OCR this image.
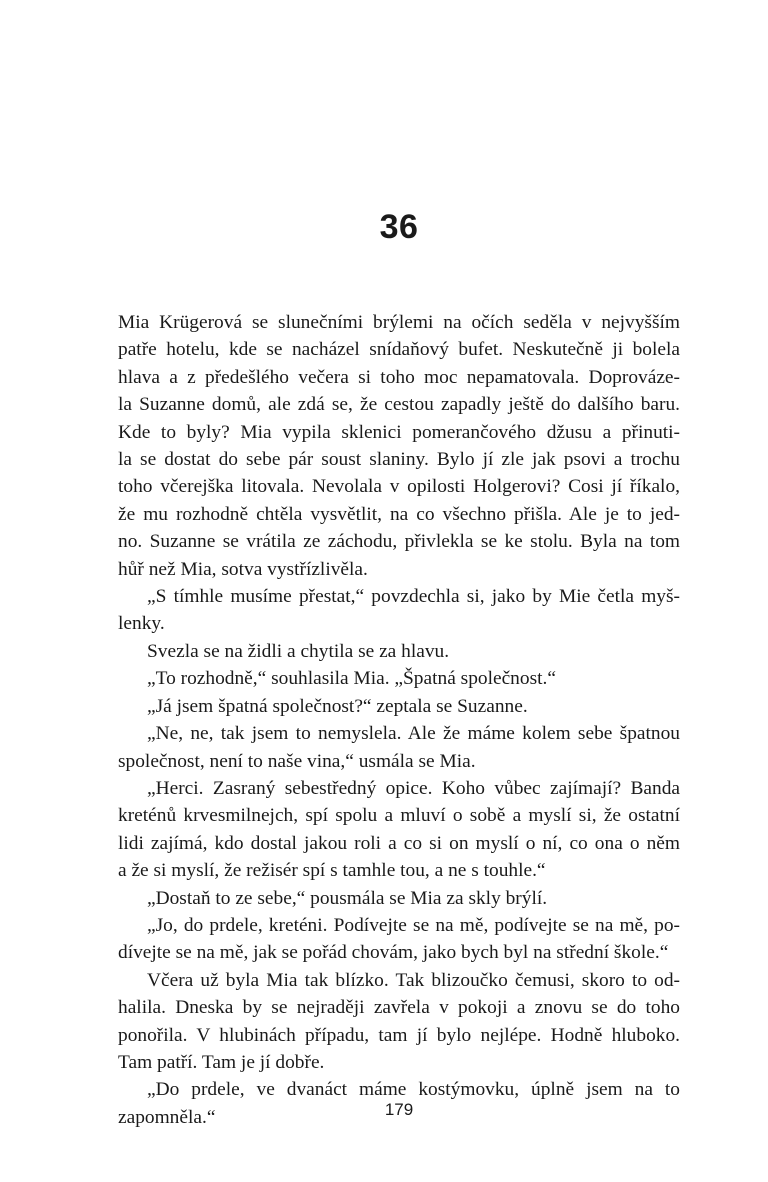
36
Mia Krügerová se slunečními brýlemi na očích seděla v nejvyšším
patře hotelu, kde se nacházel snídaňový bufet. Neskutečně ji bolela
hlava a z předešlého večera si toho moc nepamatovala. Doprováze-
la Suzanne domů, ale zdá se, že cestou zapadly ještě do dalšího baru.
Kde to byly? Mia vypila sklenici pomerančového džusu a přinuti-
la se dostat do sebe pár soust slaniny. Bylo jí zle jak psovi a trochu
toho včerejška litovala. Nevolala v opilosti Holgerovi? Cosi jí říkalo,
že mu rozhodně chtěla vysvětlit, na co všechno přišla. Ale je to jed-
no. Suzanne se vrátila ze záchodu, přivlekla se ke stolu. Byla na tom
hůř než Mia, sotva vystřízlivěla.
„S tímhle musíme přestat,“ povzdechla si, jako by Mie četla myš-
lenky.
Svezla se na židli a chytila se za hlavu.
„To rozhodně,“ souhlasila Mia. „Špatná společnost.“
„Já jsem špatná společnost?“ zeptala se Suzanne.
„Ne, ne, tak jsem to nemyslela. Ale že máme kolem sebe špatnou
společnost, není to naše vina,“ usmála se Mia.
„Herci. Zasraný sebestředný opice. Koho vůbec zajímají? Banda
kreténů krvesmilnejch, spí spolu a mluví o sobě a myslí si, že ostatní
lidi zajímá, kdo dostal jakou roli a co si on myslí o ní, co ona o něm
a že si myslí, že režisér spí s tamhle tou, a ne s touhle.“
„Dostaň to ze sebe,“ pousmála se Mia za skly brýlí.
„Jo, do prdele, kreténi. Podívejte se na mě, podívejte se na mě, po-
dívejte se na mě, jak se pořád chovám, jako bych byl na střední škole.“
Včera už byla Mia tak blízko. Tak blizoučko čemusi, skoro to od-
halila. Dneska by se nejraději zavřela v pokoji a znovu se do toho
ponořila. V hlubinách případu, tam jí bylo nejlépe. Hodně hluboko.
Tam patří. Tam je jí dobře.
„Do prdele, ve dvanáct máme kostýmovku, úplně jsem na to
zapomněla.“	179
